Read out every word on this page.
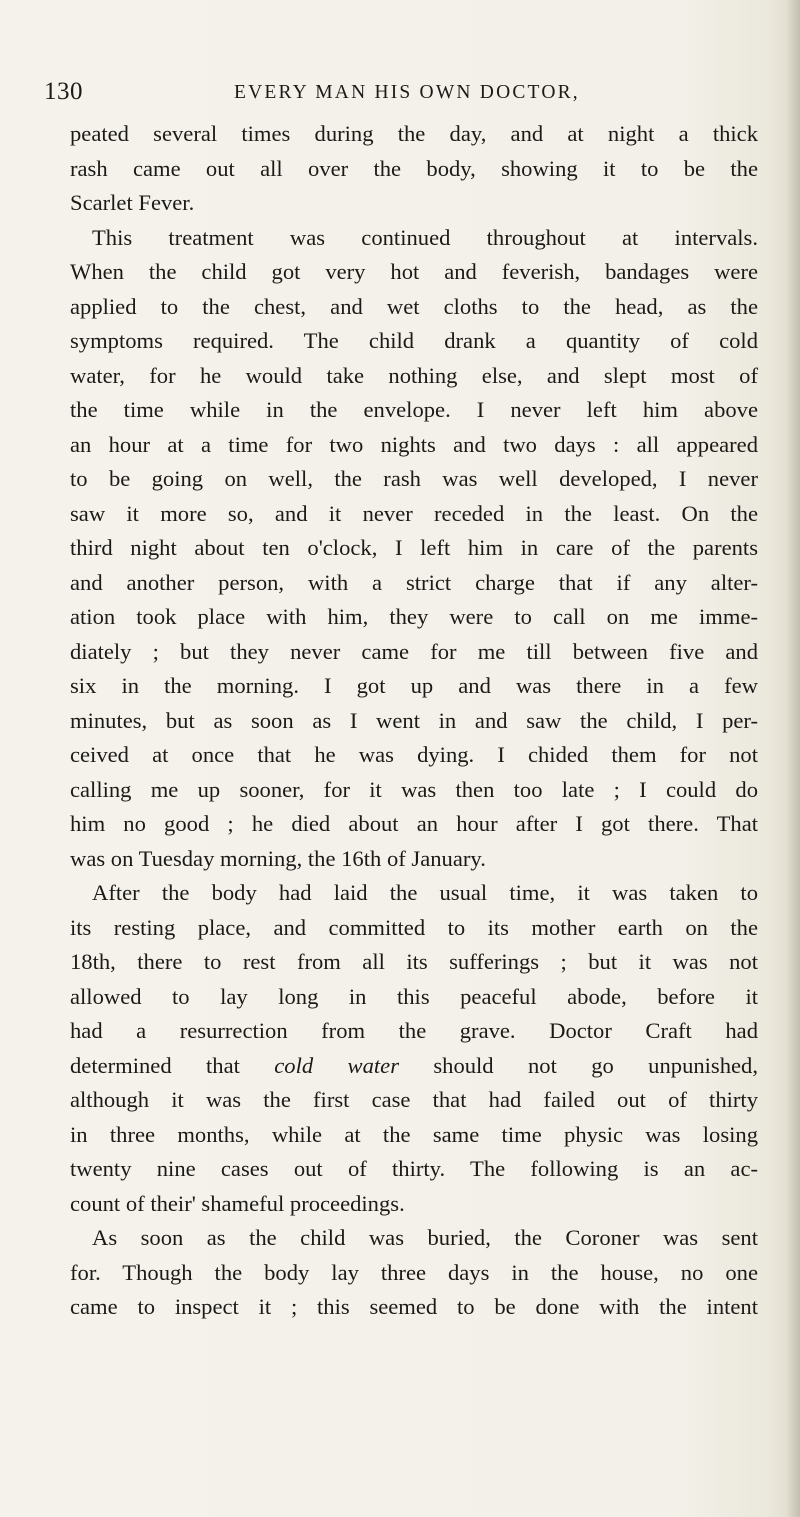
130	EVERY MAN HIS OWN DOCTOR,
peated several times during the day, and at night a thick
rash came out all over the body, showing it to be the
Scarlet Fever.
This treatment was continued throughout at intervals.
When the child got very hot and feverish, bandages were
applied to the chest, and wet cloths to the head, as the
symptoms required. The child drank a quantity of cold
water, for he would take nothing else, and slept most of
the time while in the envelope. I never left him above
an hour at a time for two nights and two days : all appeared
to be going on well, the rash was well developed, I never
saw it more so, and it never receded in the least. On the
third night about ten o'clock, I left him in care of the parents
and another person, with a strict charge that if any alter-
ation took place with him, they were to call on me imme-
diately ; but they never came for me till between five and
six in the morning. I got up and was there in a few
minutes, but as soon as I went in and saw the child, I per-
ceived at once that he was dying. I chided them for not
calling me up sooner, for it was then too late ; I could do
him no good ; he died about an hour after I got there. That
was on Tuesday morning, the 16th of January.
After the body had laid the usual time, it was taken to
its resting place, and committed to its mother earth on the
18th, there to rest from all its sufferings ; but it was not
allowed to lay long in this peaceful abode, before it
had a resurrection from the grave. Doctor Craft had
determined that cold water should not go unpunished,
although it was the first case that had failed out of thirty
in three months, while at the same time physic was losing
twenty nine cases out of thirty. The following is an ac-
count of their' shameful proceedings.
As soon as the child was buried, the Coroner was sent
for. Though the body lay three days in the house, no one
came to inspect it ; this seemed to be done with the intent
